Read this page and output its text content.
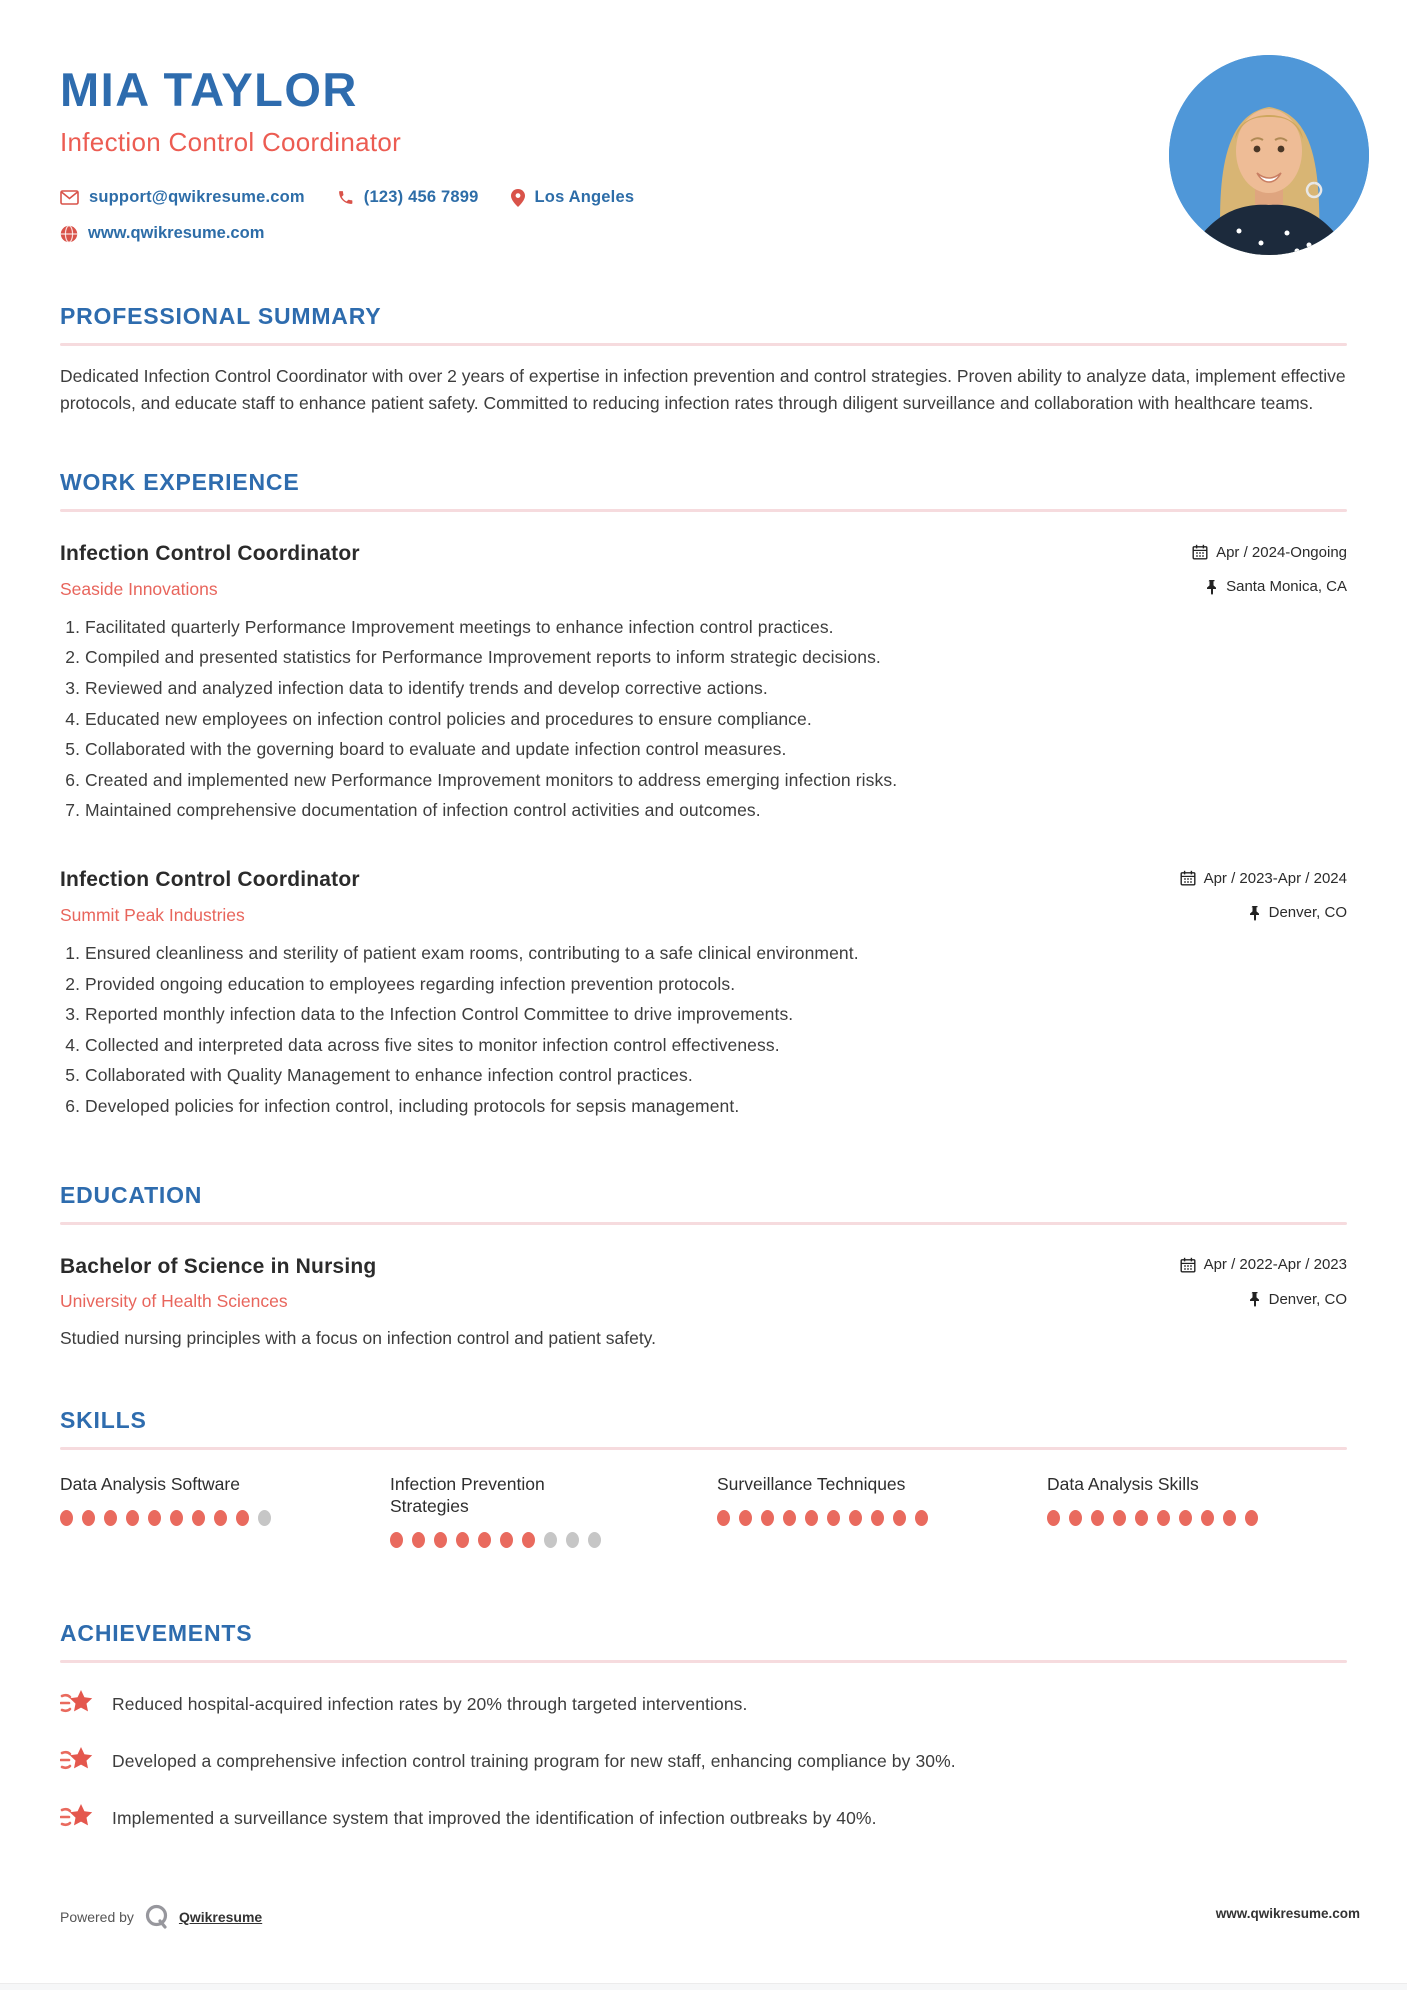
MIA TAYLOR
Infection Control Coordinator
support@qwikresume.com	(123) 456 7899	Los Angeles
www.qwikresume.com
PROFESSIONAL SUMMARY

Dedicated Infection Control Coordinator with over 2 years of expertise in infection prevention and control strategies. Proven ability to analyze data, implement effective protocols, and educate staff to enhance patient safety. Committed to reducing infection rates through diligent surveillance and collaboration with healthcare teams.

WORK EXPERIENCE
Infection Control Coordinator	Apr / 2024-Ongoing
Seaside Innovations	Santa Monica, CA
1. Facilitated quarterly Performance Improvement meetings to enhance infection control practices.
2. Compiled and presented statistics for Performance Improvement reports to inform strategic decisions.
3. Reviewed and analyzed infection data to identify trends and develop corrective actions.
4. Educated new employees on infection control policies and procedures to ensure compliance.
5. Collaborated with the governing board to evaluate and update infection control measures.
6. Created and implemented new Performance Improvement monitors to address emerging infection risks.
7. Maintained comprehensive documentation of infection control activities and outcomes.
Infection Control Coordinator	Apr / 2023-Apr / 2024
Summit Peak Industries	Denver, CO
1. Ensured cleanliness and sterility of patient exam rooms, contributing to a safe clinical environment.
2. Provided ongoing education to employees regarding infection prevention protocols.
3. Reported monthly infection data to the Infection Control Committee to drive improvements.
4. Collected and interpreted data across five sites to monitor infection control effectiveness.
5. Collaborated with Quality Management to enhance infection control practices.
6. Developed policies for infection control, including protocols for sepsis management.
EDUCATION
Bachelor of Science in Nursing	Apr / 2022-Apr / 2023
University of Health Sciences	Denver, CO

Studied nursing principles with a focus on infection control and patient safety.

SKILLS
Data Analysis Software	Infection Prevention Strategies
Surveillance Techniques	Data Analysis Skills
ACHIEVEMENTS
Reduced hospital-acquired infection rates by 20% through targeted interventions.
Developed a comprehensive infection control training program for new staff, enhancing compliance by 30%.
Implemented a surveillance system that improved the identification of infection outbreaks by 40%.
Powered by	Qwikresume	www.qwikresume.com
